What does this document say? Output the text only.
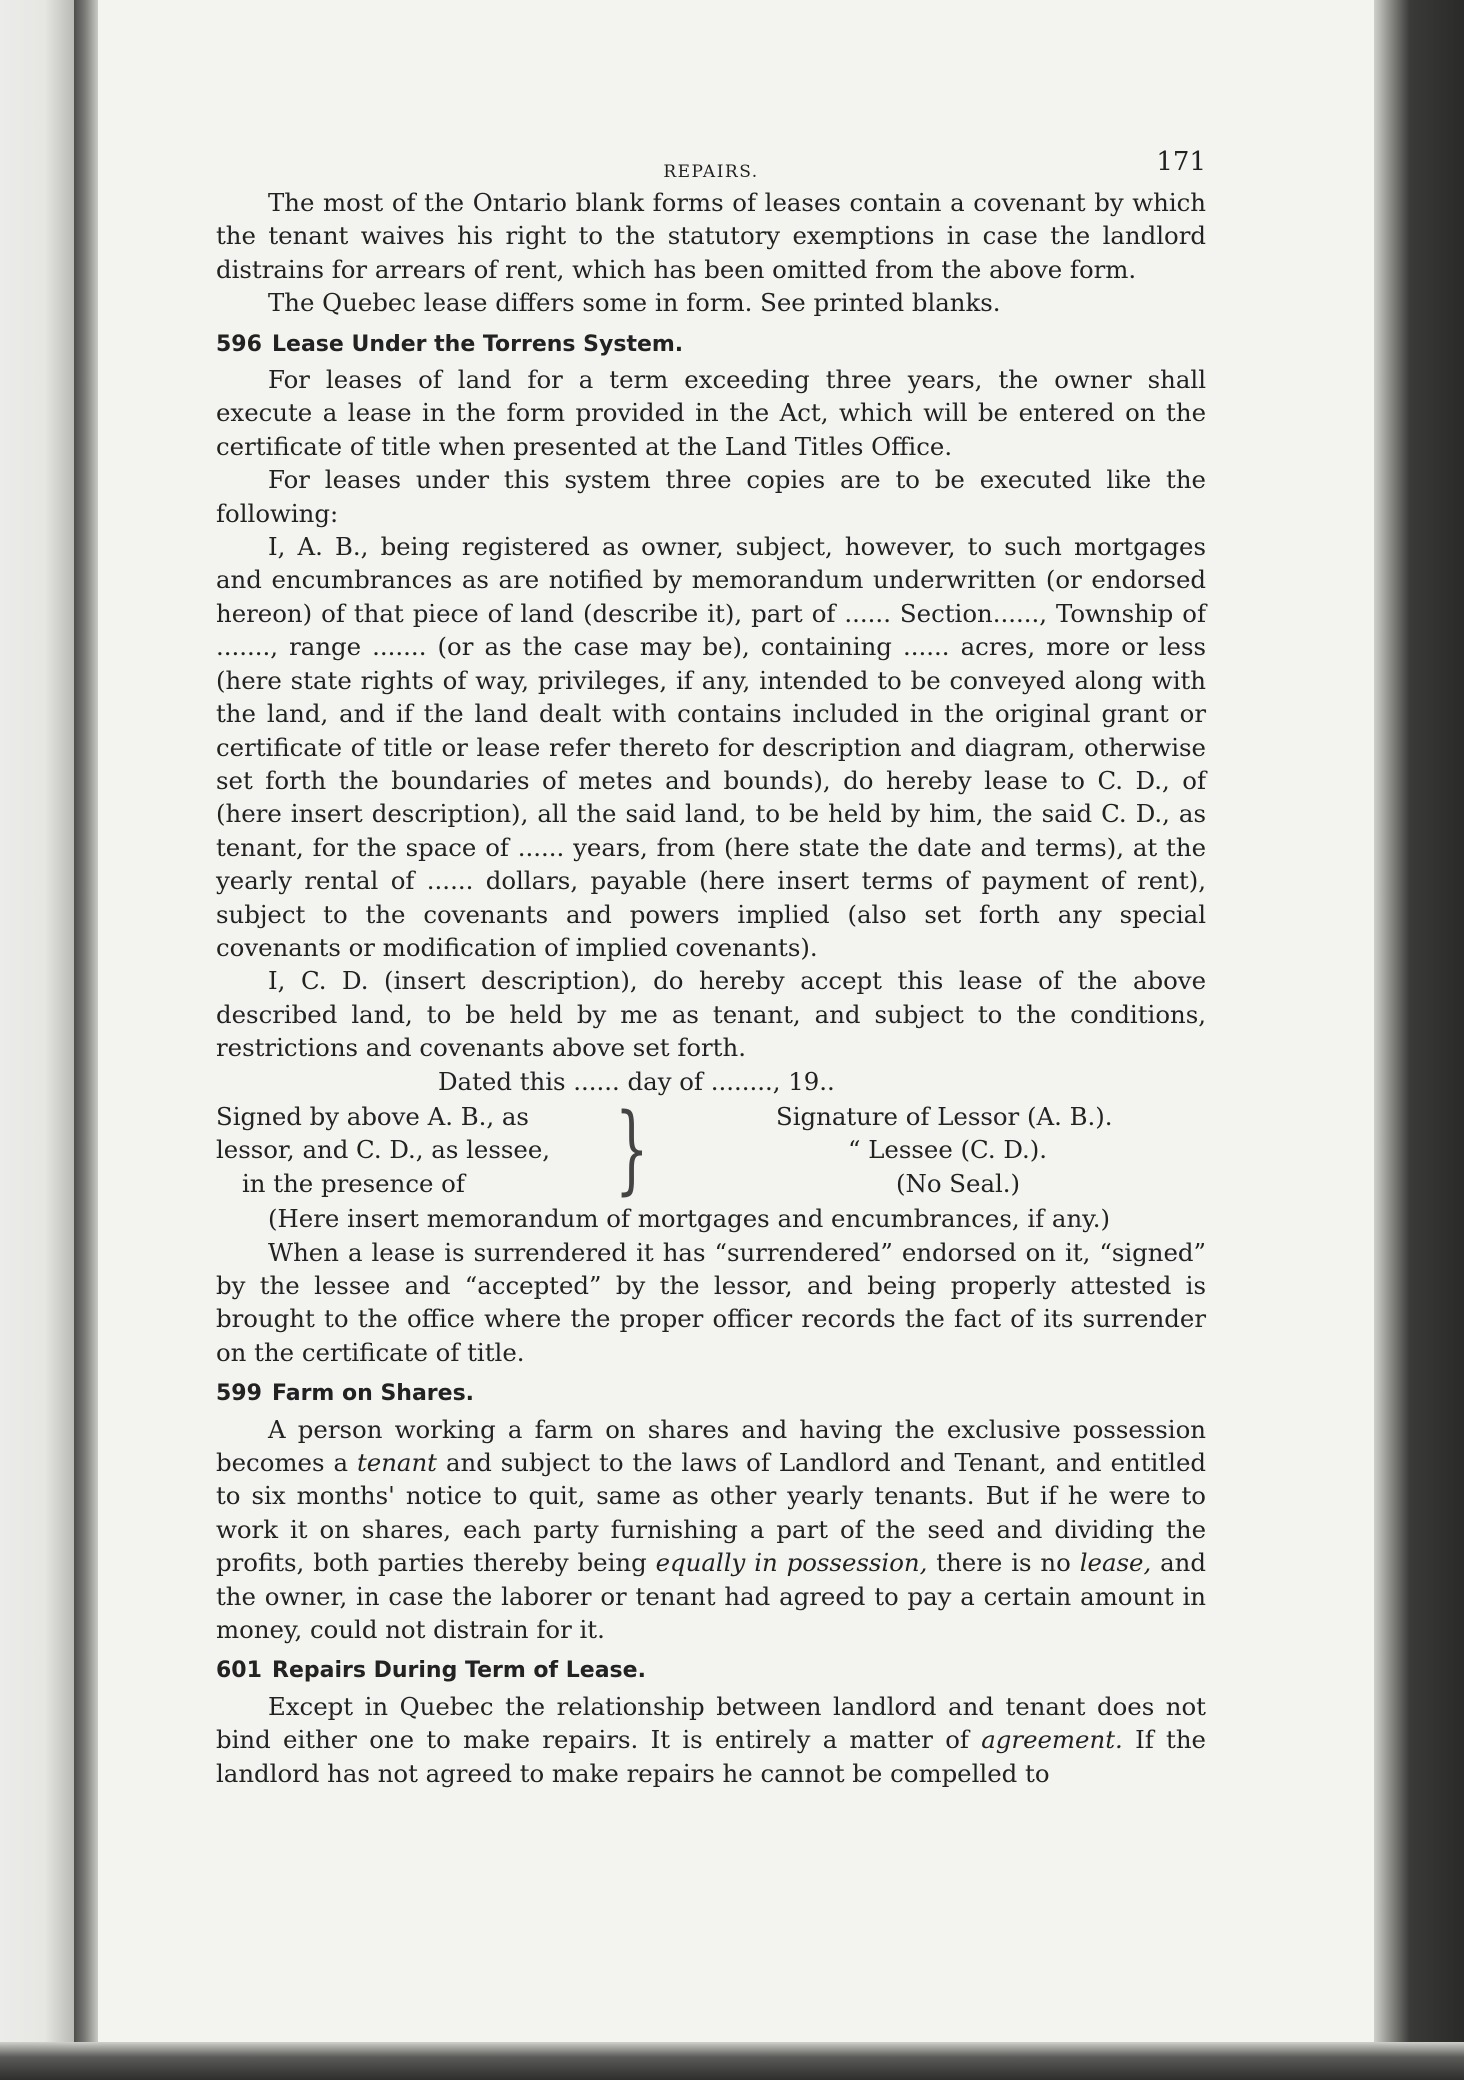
REPAIRS.	171

The most of the Ontario blank forms of leases contain a covenant by which the tenant waives his right to the statutory exemptions in case the landlord distrains for arrears of rent, which has been omitted from the above form.

The Quebec lease differs some in form. See printed blanks.

596 Lease Under the Torrens System.

For leases of land for a term exceeding three years, the owner shall execute a lease in the form provided in the Act, which will be entered on the certificate of title when presented at the Land Titles Office.

For leases under this system three copies are to be executed like the following:

I, A. B., being registered as owner, subject, however, to such mortgages and encumbrances as are notified by memorandum underwritten (or endorsed hereon) of that piece of land (describe it), part of ...... Section......, Township of ......., range ....... (or as the case may be), containing ...... acres, more or less (here state rights of way, privileges, if any, intended to be conveyed along with the land, and if the land dealt with contains included in the original grant or certificate of title or lease refer thereto for description and diagram, otherwise set forth the boundaries of metes and bounds), do hereby lease to C. D., of (here insert description), all the said land, to be held by him, the said C. D., as tenant, for the space of ...... years, from (here state the date and terms), at the yearly rental of ...... dollars, payable (here insert terms of payment of rent), subject to the covenants and powers implied (also set forth any special covenants or modification of implied covenants).

I, C. D. (insert description), do hereby accept this lease of the above described land, to be held by me as tenant, and subject to the conditions, restrictions and covenants above set forth.

Dated this ...... day of ........, 19..
Signed by above A. B., as
lessor, and C. D., as lessee,
in the presence of	}	Signature of Lessor (A. B.).
“ Lessee (C. D.).
(No Seal.)

(Here insert memorandum of mortgages and encumbrances, if any.)

When a lease is surrendered it has “surrendered” endorsed on it, “signed” by the lessee and “accepted” by the lessor, and being properly attested is brought to the office where the proper officer records the fact of its surrender on the certificate of title.

599 Farm on Shares.

A person working a farm on shares and having the exclusive possession becomes a tenant and subject to the laws of Landlord and Tenant, and entitled to six months' notice to quit, same as other yearly tenants. But if he were to work it on shares, each party furnishing a part of the seed and dividing the profits, both parties thereby being equally in possession, there is no lease, and the owner, in case the laborer or tenant had agreed to pay a certain amount in money, could not distrain for it.

601 Repairs During Term of Lease.

Except in Quebec the relationship between landlord and tenant does not bind either one to make repairs. It is entirely a matter of agreement. If the landlord has not agreed to make repairs he cannot be compelled to
